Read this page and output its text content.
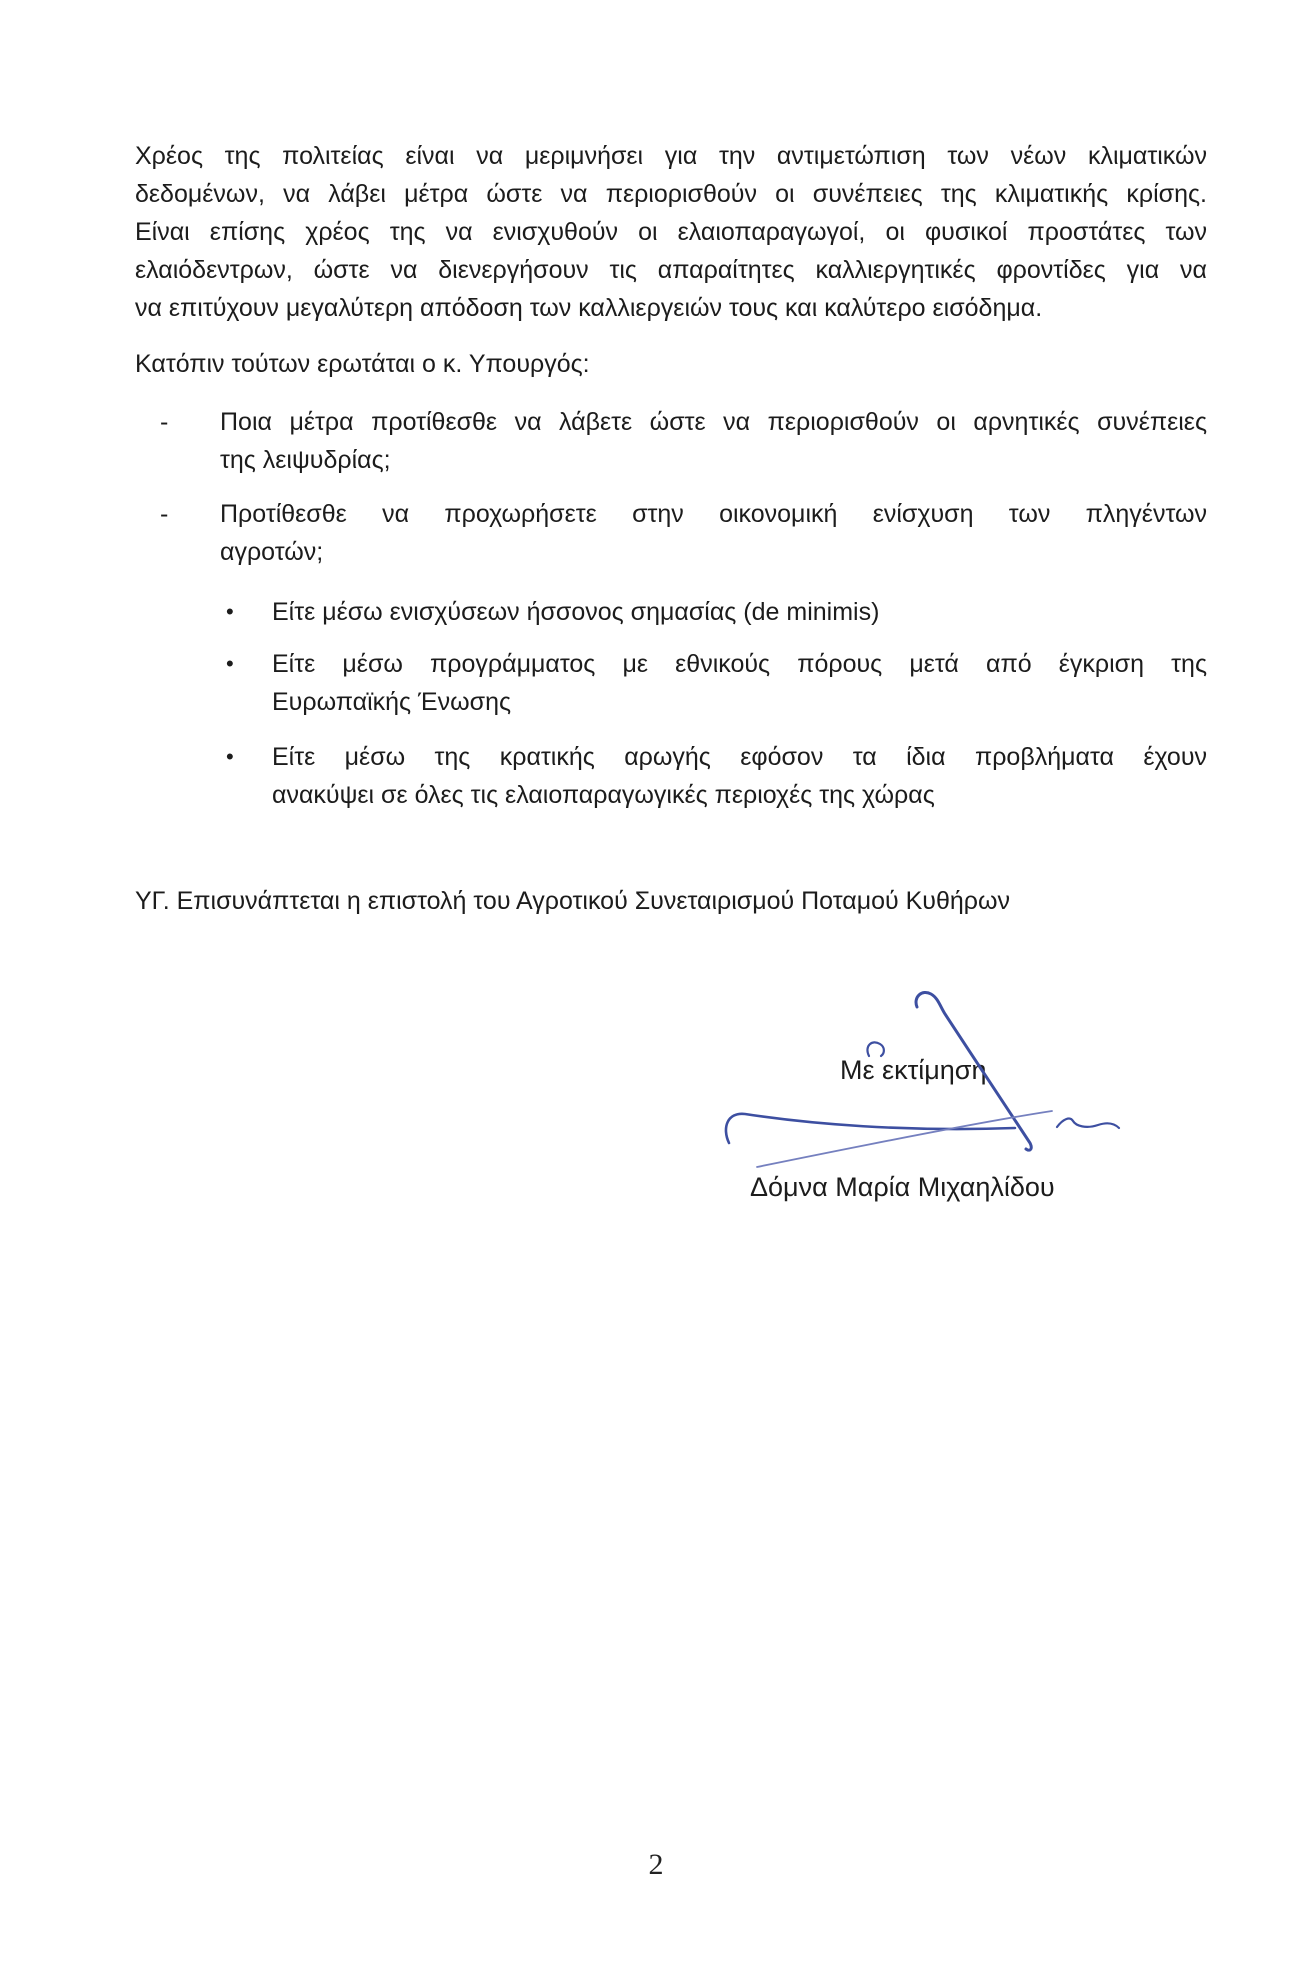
Χρέος της πολιτείας είναι να μεριμνήσει για την αντιμετώπιση των νέων κλιματικών
δεδομένων, να λάβει μέτρα ώστε να περιορισθούν οι συνέπειες της κλιματικής κρίσης.
Είναι επίσης χρέος της να ενισχυθούν οι ελαιοπαραγωγοί, οι φυσικοί προστάτες των
ελαιόδεντρων, ώστε να διενεργήσουν τις απαραίτητες καλλιεργητικές φροντίδες για να
να επιτύχουν μεγαλύτερη απόδοση των καλλιεργειών τους και καλύτερο εισόδημα.
Κατόπιν τούτων ερωτάται ο κ. Υπουργός:
- Ποια μέτρα προτίθεσθε να λάβετε ώστε να περιορισθούν οι αρνητικές συνέπειες
της λειψυδρίας;
- Προτίθεσθε να προχωρήσετε στην οικονομική ενίσχυση των πληγέντων
αγροτών;
• Είτε μέσω ενισχύσεων ήσσονος σημασίας (de minimis)
• Είτε μέσω προγράμματος με εθνικούς πόρους μετά από έγκριση της
Ευρωπαϊκής Ένωσης
• Είτε μέσω της κρατικής αρωγής εφόσον τα ίδια προβλήματα έχουν
ανακύψει σε όλες τις ελαιοπαραγωγικές περιοχές της χώρας
ΥΓ. Επισυνάπτεται η επιστολή του Αγροτικού Συνεταιρισμού Ποταμού Κυθήρων
Με εκτίμηση
Δόμνα Μαρία Μιχαηλίδου
2
